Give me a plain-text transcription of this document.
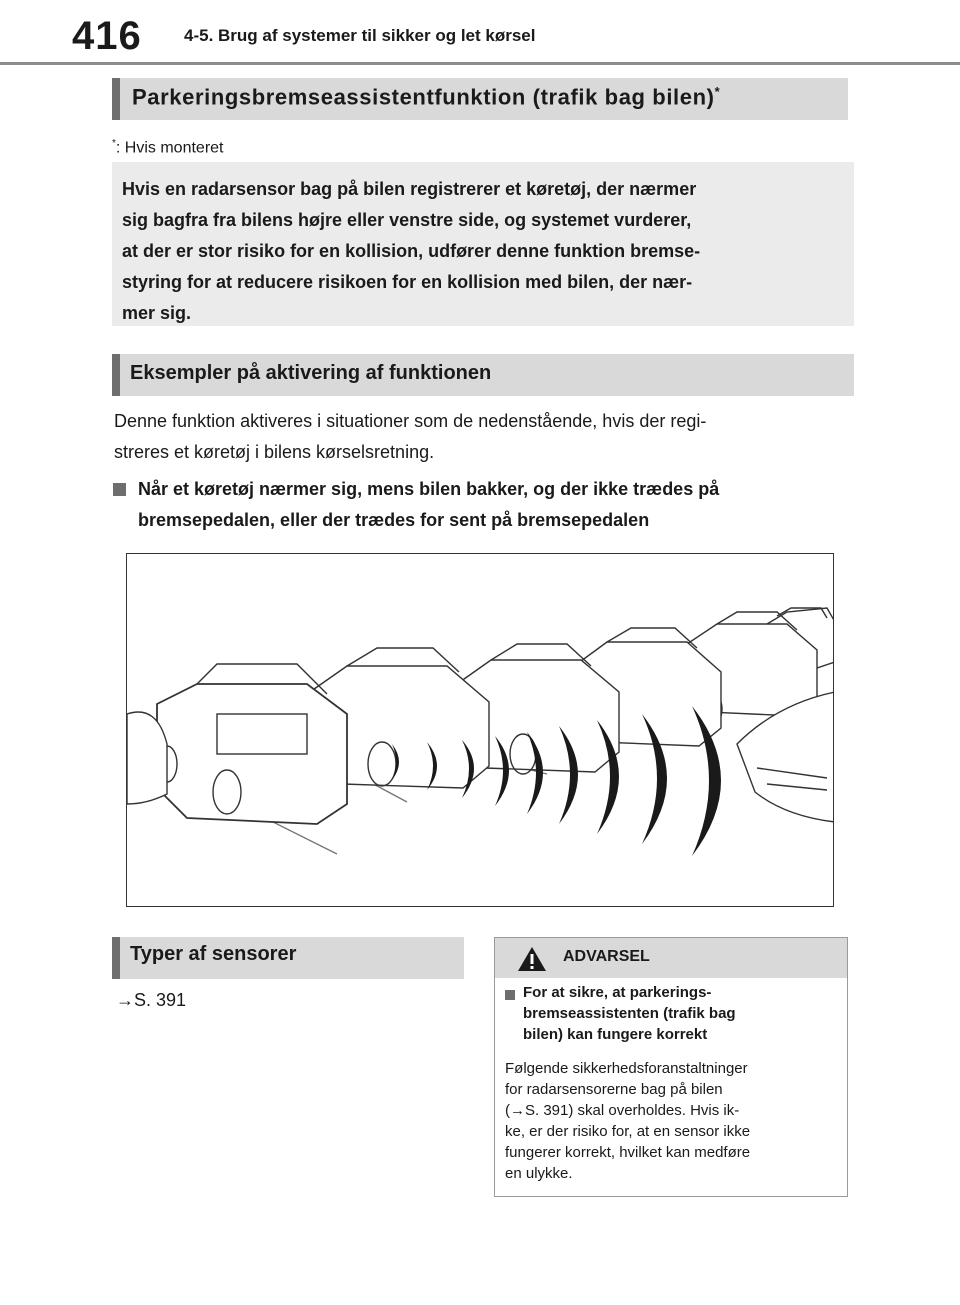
416 4-5. Brug af systemer til sikker og let kørsel
Parkeringsbremseassistentfunktion (trafik bag bilen)*
*: Hvis monteret
Hvis en radarsensor bag på bilen registrerer et køretøj, der nærmer
sig bagfra fra bilens højre eller venstre side, og systemet vurderer,
at der er stor risiko for en kollision, udfører denne funktion bremse-
styring for at reducere risikoen for en kollision med bilen, der nær-
mer sig.
Eksempler på aktivering af funktionen
Denne funktion aktiveres i situationer som de nedenstående, hvis der regi-
streres et køretøj i bilens kørselsretning.
Når et køretøj nærmer sig, mens bilen bakker, og der ikke trædes på
bremsepedalen, eller der trædes for sent på bremsepedalen
Typer af sensorer
→S. 391
ADVARSEL
For at sikre, at parkerings-
bremseassistenten (trafik bag
bilen) kan fungere korrekt
Følgende sikkerhedsforanstaltninger
for radarsensorerne bag på bilen
(→S. 391) skal overholdes. Hvis ik-
ke, er der risiko for, at en sensor ikke
fungerer korrekt, hvilket kan medføre
en ulykke.
